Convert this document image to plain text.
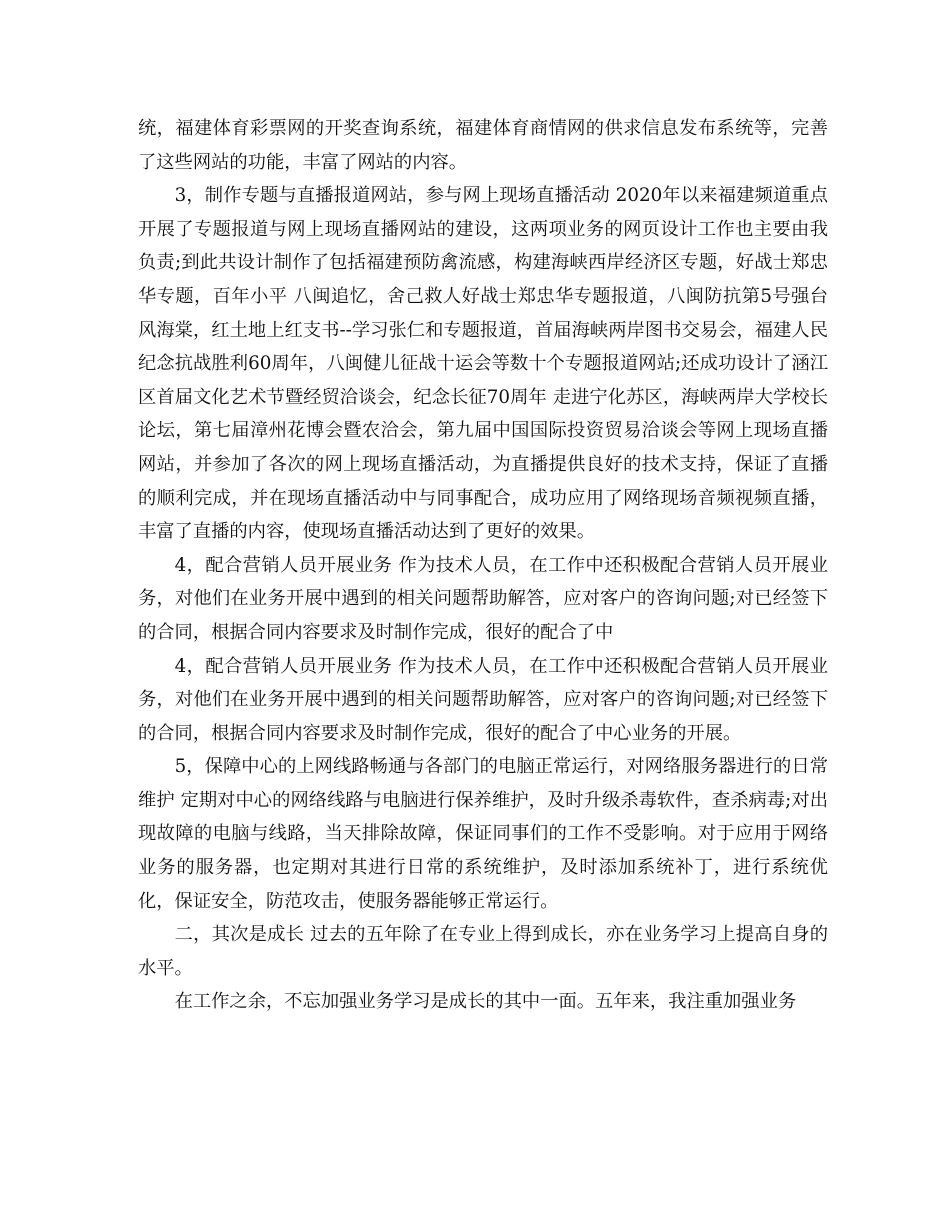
统，福建体育彩票网的开奖查询系统，福建体育商情网的供求信息发布系统等，完善了这些网站的功能，丰富了网站的内容。

3，制作专题与直播报道网站，参与网上现场直播活动 2020年以来福建频道重点开展了专题报道与网上现场直播网站的建设，这两项业务的网页设计工作也主要由我负责;到此共设计制作了包括福建预防禽流感，构建海峡西岸经济区专题，好战士郑忠华专题，百年小平 八闽追忆，舍己救人好战士郑忠华专题报道，八闽防抗第5号强台风海棠，红土地上红支书--学习张仁和专题报道，首届海峡两岸图书交易会，福建人民纪念抗战胜利60周年，八闽健儿征战十运会等数十个专题报道网站;还成功设计了涵江区首届文化艺术节暨经贸洽谈会，纪念长征70周年 走进宁化苏区，海峡两岸大学校长论坛，第七届漳州花博会暨农洽会，第九届中国国际投资贸易洽谈会等网上现场直播网站，并参加了各次的网上现场直播活动，为直播提供良好的技术支持，保证了直播的顺利完成，并在现场直播活动中与同事配合，成功应用了网络现场音频视频直播，丰富了直播的内容，使现场直播活动达到了更好的效果。

4，配合营销人员开展业务 作为技术人员，在工作中还积极配合营销人员开展业务，对他们在业务开展中遇到的相关问题帮助解答，应对客户的咨询问题;对已经签下的合同，根据合同内容要求及时制作完成，很好的配合了中

4，配合营销人员开展业务 作为技术人员，在工作中还积极配合营销人员开展业务，对他们在业务开展中遇到的相关问题帮助解答，应对客户的咨询问题;对已经签下的合同，根据合同内容要求及时制作完成，很好的配合了中心业务的开展。

5，保障中心的上网线路畅通与各部门的电脑正常运行，对网络服务器进行的日常维护 定期对中心的网络线路与电脑进行保养维护，及时升级杀毒软件，查杀病毒;对出现故障的电脑与线路，当天排除故障，保证同事们的工作不受影响。对于应用于网络业务的服务器，也定期对其进行日常的系统维护，及时添加系统补丁，进行系统优化，保证安全，防范攻击，使服务器能够正常运行。

二，其次是成长 过去的五年除了在专业上得到成长，亦在业务学习上提高自身的水平。

在工作之余，不忘加强业务学习是成长的其中一面。五年来，我注重加强业务
